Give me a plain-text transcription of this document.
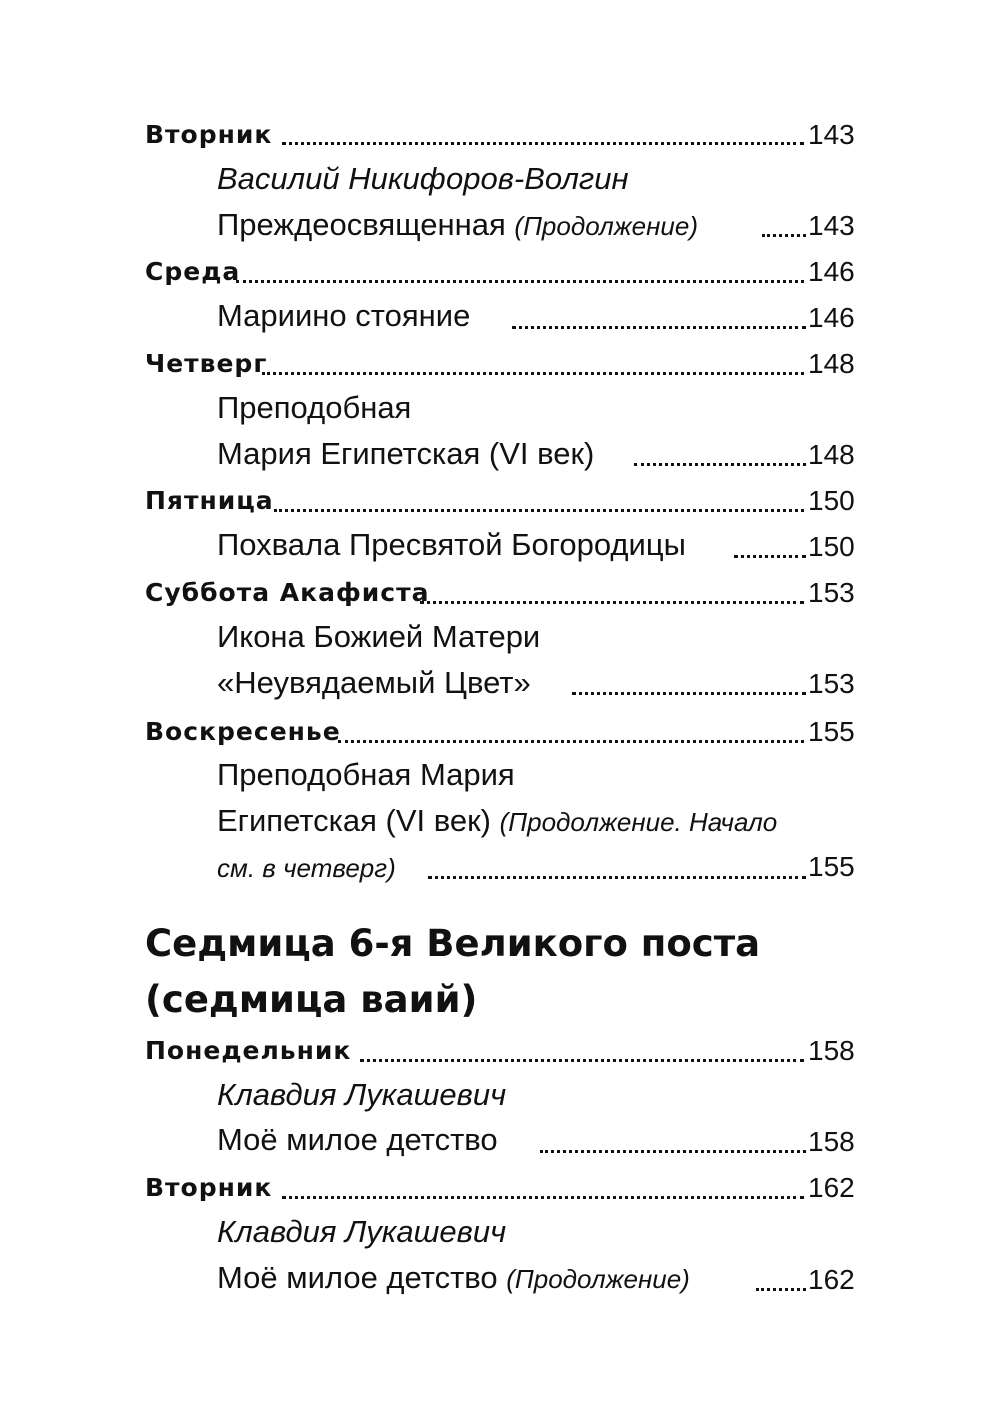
Вторник	143
Василий Никифоров-Волгин
Преждеосвященная (Продолжение)	143
Среда	146
Мариино стояние	146
Четверг	148
Преподобная
Мария Египетская (VI век)	148
Пятница	150
Похвала Пресвятой Богородицы	150
Суббота Акафиста	153
Икона Божией Матери
«Неувядаемый Цвет»	153
Воскресенье	155
Преподобная Мария
Египетская (VI век) (Продолжение. Начало
см. в четверг)	155
Седмица 6-я Великого поста
(седмица ваий)
Понедельник	158
Клавдия Лукашевич
Моё милое детство	158
Вторник	162
Клавдия Лукашевич
Моё милое детство (Продолжение)	162
